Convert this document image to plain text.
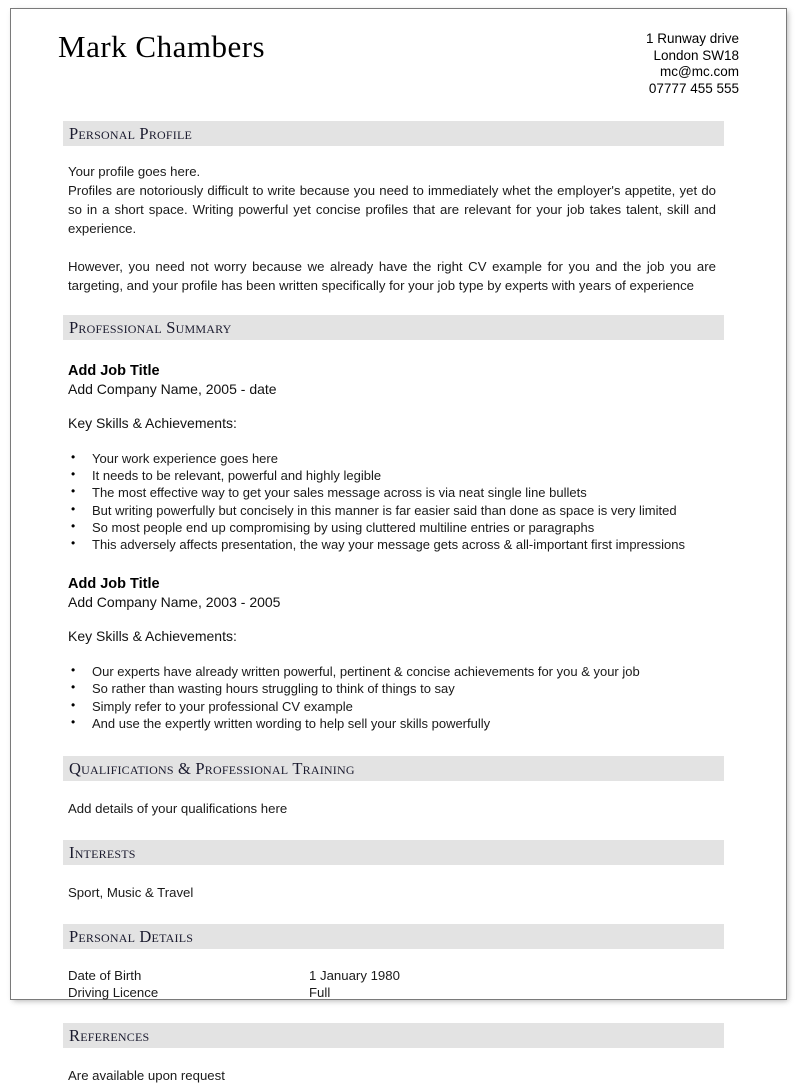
Mark Chambers	1 Runway drive
London SW18
mc@mc.com
07777 455 555
Personal Profile

Your profile goes here.

Profiles are notoriously difficult to write because you need to immediately whet the employer's appetite, yet do so in a short space. Writing powerful yet concise profiles that are relevant for your job takes talent, skill and experience.

However, you need not worry because we already have the right CV example for you and the job you are targeting, and your profile has been written specifically for your job type by experts with years of experience

Professional Summary
Add Job Title
Add Company Name, 2005 - date
Key Skills & Achievements:
• Your work experience goes here
• It needs to be relevant, powerful and highly legible
• The most effective way to get your sales message across is via neat single line bullets
• But writing powerfully but concisely in this manner is far easier said than done as space is very limited
• So most people end up compromising by using cluttered multiline entries or paragraphs
• This adversely affects presentation, the way your message gets across & all-important first impressions
Add Job Title
Add Company Name, 2003 - 2005
Key Skills & Achievements:
• Our experts have already written powerful, pertinent & concise achievements for you & your job
• So rather than wasting hours struggling to think of things to say
• Simply refer to your professional CV example
• And use the expertly written wording to help sell your skills powerfully
Qualifications & Professional Training
Add details of your qualifications here
Interests
Sport, Music & Travel
Personal Details
Date of Birth	1 January 1980
Driving Licence	Full
References
Are available upon request
